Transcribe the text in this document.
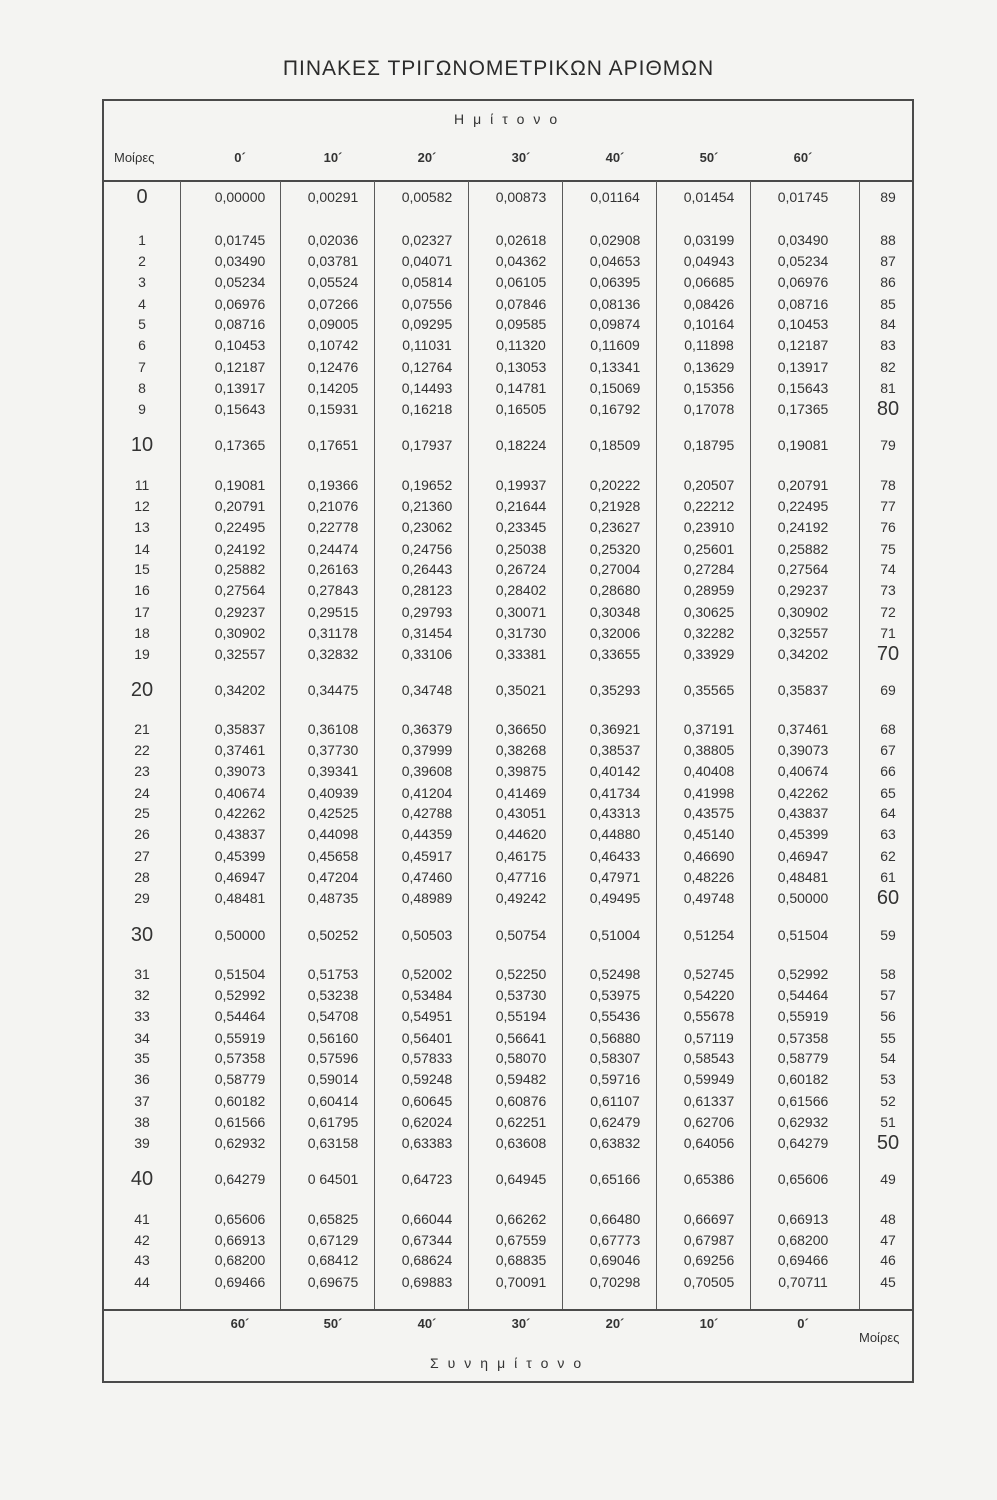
ΠΙΝΑΚΕΣ ΤΡΙΓΩΝΟΜΕΤΡΙΚΩΝ ΑΡΙΘΜΩΝ
Ημίτονο
Μοίρες	0´	10´	20´	30´	40´	50´	60´
0	0,00000	0,00291	0,00582	0,00873	0,01164	0,01454	0,01745	89
1	0,01745	0,02036	0,02327	0,02618	0,02908	0,03199	0,03490	88
2	0,03490	0,03781	0,04071	0,04362	0,04653	0,04943	0,05234	87
3	0,05234	0,05524	0,05814	0,06105	0,06395	0,06685	0,06976	86
4	0,06976	0,07266	0,07556	0,07846	0,08136	0,08426	0,08716	85
5	0,08716	0,09005	0,09295	0,09585	0,09874	0,10164	0,10453	84
6	0,10453	0,10742	0,11031	0,11320	0,11609	0,11898	0,12187	83
7	0,12187	0,12476	0,12764	0,13053	0,13341	0,13629	0,13917	82
8	0,13917	0,14205	0,14493	0,14781	0,15069	0,15356	0,15643	81
9	0,15643	0,15931	0,16218	0,16505	0,16792	0,17078	0,17365	80
10	0,17365	0,17651	0,17937	0,18224	0,18509	0,18795	0,19081	79
11	0,19081	0,19366	0,19652	0,19937	0,20222	0,20507	0,20791	78
12	0,20791	0,21076	0,21360	0,21644	0,21928	0,22212	0,22495	77
13	0,22495	0,22778	0,23062	0,23345	0,23627	0,23910	0,24192	76
14	0,24192	0,24474	0,24756	0,25038	0,25320	0,25601	0,25882	75
15	0,25882	0,26163	0,26443	0,26724	0,27004	0,27284	0,27564	74
16	0,27564	0,27843	0,28123	0,28402	0,28680	0,28959	0,29237	73
17	0,29237	0,29515	0,29793	0,30071	0,30348	0,30625	0,30902	72
18	0,30902	0,31178	0,31454	0,31730	0,32006	0,32282	0,32557	71
19	0,32557	0,32832	0,33106	0,33381	0,33655	0,33929	0,34202	70
20	0,34202	0,34475	0,34748	0,35021	0,35293	0,35565	0,35837	69
21	0,35837	0,36108	0,36379	0,36650	0,36921	0,37191	0,37461	68
22	0,37461	0,37730	0,37999	0,38268	0,38537	0,38805	0,39073	67
23	0,39073	0,39341	0,39608	0,39875	0,40142	0,40408	0,40674	66
24	0,40674	0,40939	0,41204	0,41469	0,41734	0,41998	0,42262	65
25	0,42262	0,42525	0,42788	0,43051	0,43313	0,43575	0,43837	64
26	0,43837	0,44098	0,44359	0,44620	0,44880	0,45140	0,45399	63
27	0,45399	0,45658	0,45917	0,46175	0,46433	0,46690	0,46947	62
28	0,46947	0,47204	0,47460	0,47716	0,47971	0,48226	0,48481	61
29	0,48481	0,48735	0,48989	0,49242	0,49495	0,49748	0,50000	60
30	0,50000	0,50252	0,50503	0,50754	0,51004	0,51254	0,51504	59
31	0,51504	0,51753	0,52002	0,52250	0,52498	0,52745	0,52992	58
32	0,52992	0,53238	0,53484	0,53730	0,53975	0,54220	0,54464	57
33	0,54464	0,54708	0,54951	0,55194	0,55436	0,55678	0,55919	56
34	0,55919	0,56160	0,56401	0,56641	0,56880	0,57119	0,57358	55
35	0,57358	0,57596	0,57833	0,58070	0,58307	0,58543	0,58779	54
36	0,58779	0,59014	0,59248	0,59482	0,59716	0,59949	0,60182	53
37	0,60182	0,60414	0,60645	0,60876	0,61107	0,61337	0,61566	52
38	0,61566	0,61795	0,62024	0,62251	0,62479	0,62706	0,62932	51
39	0,62932	0,63158	0,63383	0,63608	0,63832	0,64056	0,64279	50
40	0,64279	0 64501	0,64723	0,64945	0,65166	0,65386	0,65606	49
41	0,65606	0,65825	0,66044	0,66262	0,66480	0,66697	0,66913	48
42	0,66913	0,67129	0,67344	0,67559	0,67773	0,67987	0,68200	47
43	0,68200	0,68412	0,68624	0,68835	0,69046	0,69256	0,69466	46
44	0,69466	0,69675	0,69883	0,70091	0,70298	0,70505	0,70711	45
60´	50´	40´	30´	20´	10´	0´
Μοίρες
Συνημίτονο
